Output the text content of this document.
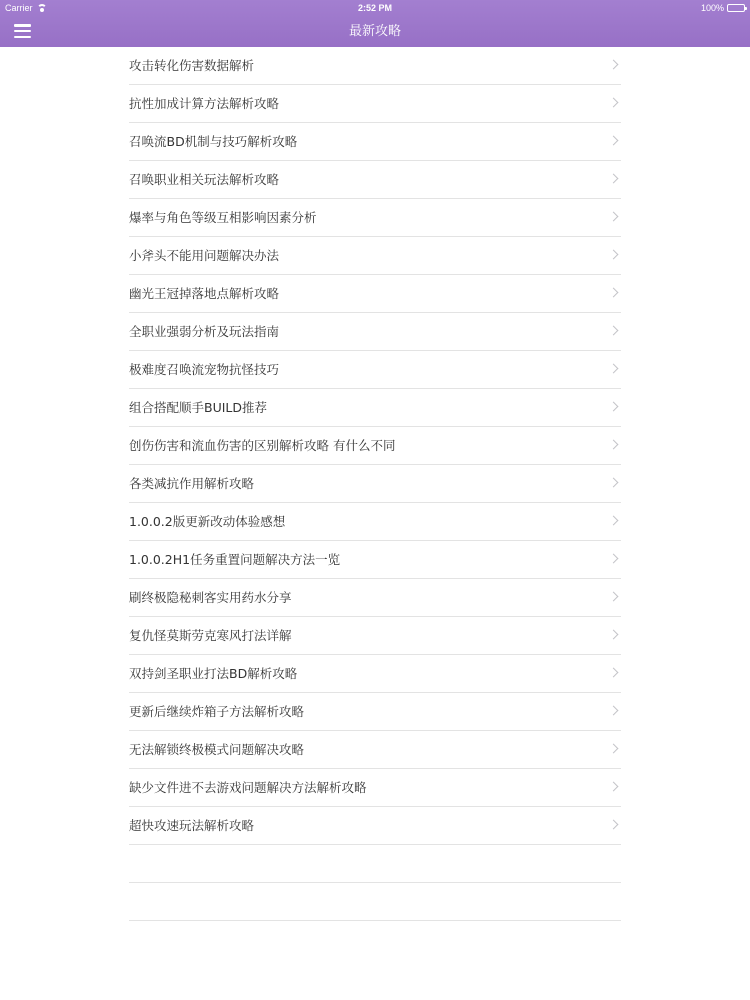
Carrier	2:52 PM	100%
最新攻略
攻击转化伤害数据解析
抗性加成计算方法解析攻略
召唤流BD机制与技巧解析攻略
召唤职业相关玩法解析攻略
爆率与角色等级互相影响因素分析
小斧头不能用问题解决办法
幽光王冠掉落地点解析攻略
全职业强弱分析及玩法指南
极难度召唤流宠物抗怪技巧
组合搭配顺手BUILD推荐
创伤伤害和流血伤害的区别解析攻略 有什么不同
各类减抗作用解析攻略
1.0.0.2版更新改动体验感想
1.0.0.2H1任务重置问题解决方法一览
刷终极隐秘刺客实用药水分享
复仇怪莫斯劳克寒风打法详解
双持剑圣职业打法BD解析攻略
更新后继续炸箱子方法解析攻略
无法解锁终极模式问题解决攻略
缺少文件进不去游戏问题解决方法解析攻略
超快攻速玩法解析攻略
